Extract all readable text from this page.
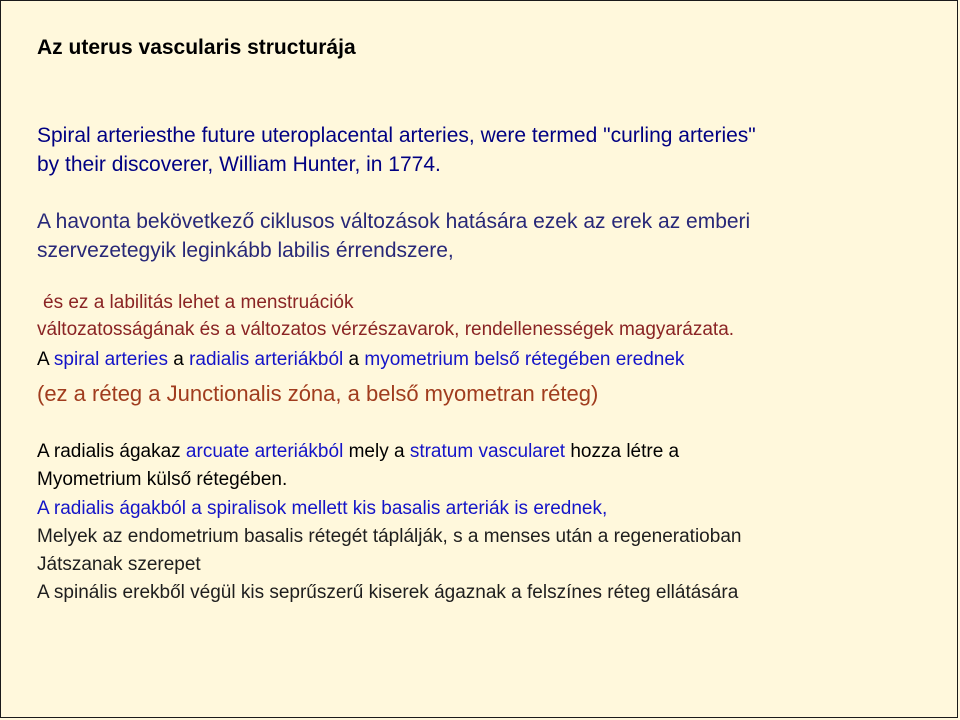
Az uterus vascularis structurája
Spiral arteriesthe future uteroplacental arteries, were termed "curling arteries"
by their discoverer, William Hunter, in 1774.
A havonta bekövetkező ciklusos változások hatására ezek az erek az emberi
szervezetegyik leginkább labilis érrendszere,
és ez a labilitás lehet a menstruációk
változatosságának és a változatos vérzészavarok, rendellenességek magyarázata.
A spiral arteries a radialis arteriákból a myometrium belső rétegében erednek
(ez a réteg a Junctionalis zóna, a belső myometran réteg)
A radialis ágakaz arcuate arteriákból mely a stratum vascularet hozza létre a
Myometrium külső rétegében.
A radialis ágakból a spiralisok mellett kis basalis arteriák is erednek,
Melyek az endometrium basalis rétegét táplálják, s a menses után a regeneratioban
Játszanak szerepet
A spinális erekből végül kis seprűszerű kiserek ágaznak a felszínes réteg ellátására
